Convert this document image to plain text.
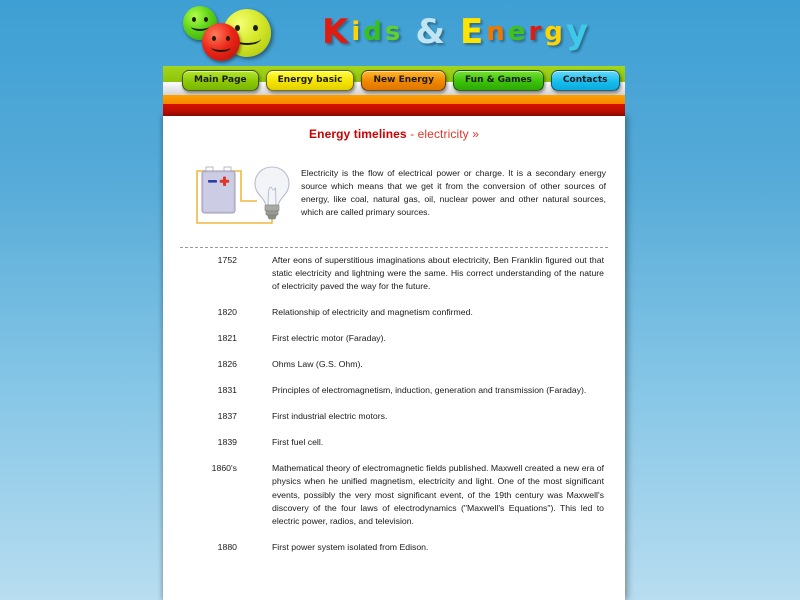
K i d s & E n e r g y
Main Page	Energy basic	New Energy	Fun & Games	Contacts
Energy timelines - electricity »

Electricity is the flow of electrical power or charge. It is a secondary energy source which means that we get it from the conversion of other sources of energy, like coal, natural gas, oil, nuclear power and other natural sources, which are called primary sources.

1752	After eons of superstitious imaginations about electricity, Ben Franklin figured out that static electricity and lightning were the same. His correct understanding of the nature of electricity paved the way for the future.

1820	Relationship of electricity and magnetism confirmed.

1821	First electric motor (Faraday).

1826	Ohms Law (G.S. Ohm).

1831	Principles of electromagnetism, induction, generation and transmission (Faraday).

1837	First industrial electric motors.

1839	First fuel cell.

1860's	Mathematical theory of electromagnetic fields published. Maxwell created a new era of physics when he unified magnetism, electricity and light. One of the most significant events, possibly the very most significant event, of the 19th century was Maxwell's discovery of the four laws of electrodynamics ("Maxwell's Equations"). This led to electric power, radios, and television.

1880	First power system isolated from Edison.
